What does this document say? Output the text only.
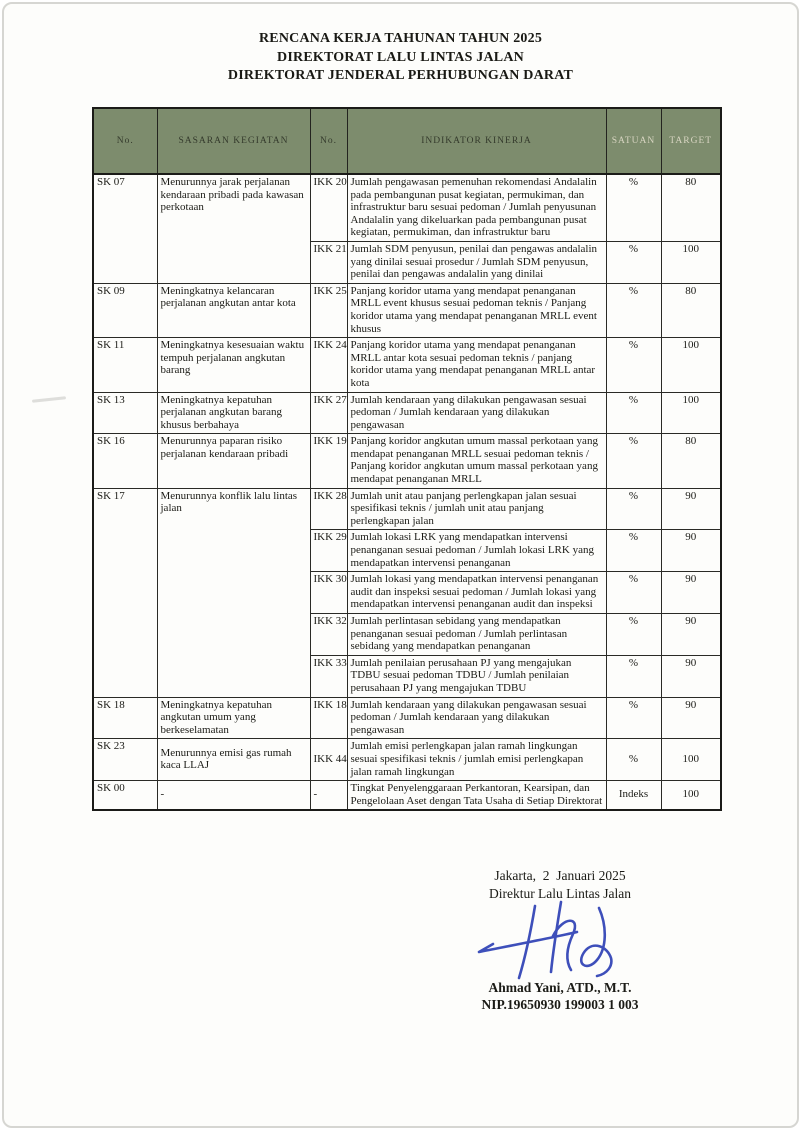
RENCANA KERJA TAHUNAN TAHUN 2025
DIREKTORAT LALU LINTAS JALAN
DIREKTORAT JENDERAL PERHUBUNGAN DARAT
No.	SASARAN KEGIATAN	No.	INDIKATOR KINERJA	SATUAN	TARGET
SK 07	Menurunnya jarak perjalanan kendaraan pribadi pada kawasan perkotaan	IKK 20	Jumlah pengawasan pemenuhan rekomendasi Andalalin pada pembangunan pusat kegiatan, permukiman, dan infrastruktur baru sesuai pedoman / Jumlah penyusunan Andalalin yang dikeluarkan pada pembangunan pusat kegiatan, permukiman, dan infrastruktur baru	%	80
		IKK 21	Jumlah SDM penyusun, penilai dan pengawas andalalin yang dinilai sesuai prosedur / Jumlah SDM penyusun, penilai dan pengawas andalalin yang dinilai	%	100
SK 09	Meningkatnya kelancaran perjalanan angkutan antar kota	IKK 25	Panjang koridor utama yang mendapat penanganan MRLL event khusus sesuai pedoman teknis / Panjang koridor utama yang mendapat penanganan MRLL event khusus	%	80
SK 11	Meningkatnya kesesuaian waktu tempuh perjalanan angkutan barang	IKK 24	Panjang koridor utama yang mendapat penanganan MRLL antar kota sesuai pedoman teknis / panjang koridor utama yang mendapat penanganan MRLL antar kota	%	100
SK 13	Meningkatnya kepatuhan perjalanan angkutan barang khusus berbahaya	IKK 27	Jumlah kendaraan yang dilakukan pengawasan sesuai pedoman / Jumlah kendaraan yang dilakukan pengawasan	%	100
SK 16	Menurunnya paparan risiko perjalanan kendaraan pribadi	IKK 19	Panjang koridor angkutan umum massal perkotaan yang mendapat penanganan MRLL sesuai pedoman teknis / Panjang koridor angkutan umum massal perkotaan yang mendapat penanganan MRLL	%	80
SK 17	Menurunnya konflik lalu lintas jalan	IKK 28	Jumlah unit atau panjang perlengkapan jalan sesuai spesifikasi teknis / jumlah unit atau panjang perlengkapan jalan	%	90
		IKK 29	Jumlah lokasi LRK yang mendapatkan intervensi penanganan sesuai pedoman / Jumlah lokasi LRK yang mendapatkan intervensi penanganan	%	90
		IKK 30	Jumlah lokasi yang mendapatkan intervensi penanganan audit dan inspeksi sesuai pedoman / Jumlah lokasi yang mendapatkan intervensi penanganan audit dan inspeksi	%	90
		IKK 32	Jumlah perlintasan sebidang yang mendapatkan penanganan sesuai pedoman / Jumlah perlintasan sebidang yang mendapatkan penanganan	%	90
		IKK 33	Jumlah penilaian perusahaan PJ yang mengajukan TDBU sesuai pedoman TDBU / Jumlah penilaian perusahaan PJ yang mengajukan TDBU	%	90
SK 18	Meningkatnya kepatuhan angkutan umum yang berkeselamatan	IKK 18	Jumlah kendaraan yang dilakukan pengawasan sesuai pedoman / Jumlah kendaraan yang dilakukan pengawasan	%	90
SK 23	Menurunnya emisi gas rumah kaca LLAJ	IKK 44	Jumlah emisi perlengkapan jalan ramah lingkungan sesuai spesifikasi teknis / jumlah emisi perlengkapan jalan ramah lingkungan	%	100
SK 00	-	-	Tingkat Penyelenggaraan Perkantoran, Kearsipan, dan Pengelolaan Aset dengan Tata Usaha di Setiap Direktorat	Indeks	100
Jakarta,  2  Januari 2025
Direktur Lalu Lintas Jalan
Ahmad Yani, ATD., M.T.
NIP.19650930 199003 1 003
